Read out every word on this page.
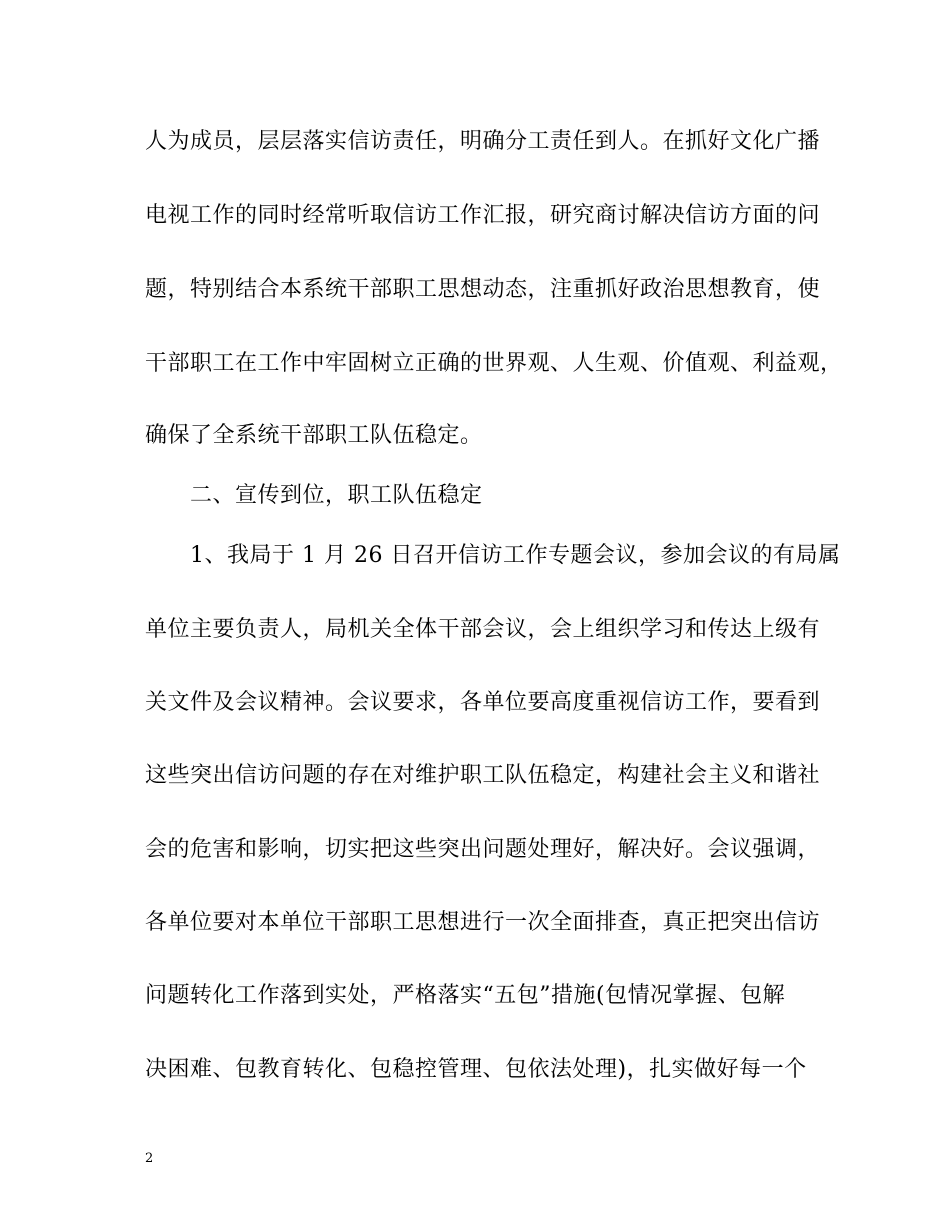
人为成员，层层落实信访责任，明确分工责任到人。在抓好文化广播
电视工作的同时经常听取信访工作汇报，研究商讨解决信访方面的问
题，特别结合本系统干部职工思想动态，注重抓好政治思想教育，使
干部职工在工作中牢固树立正确的世界观、人生观、价值观、利益观，
确保了全系统干部职工队伍稳定。
二、宣传到位，职工队伍稳定
1、我局于 1 月 26 日召开信访工作专题会议，参加会议的有局属
单位主要负责人，局机关全体干部会议，会上组织学习和传达上级有
关文件及会议精神。会议要求，各单位要高度重视信访工作，要看到
这些突出信访问题的存在对维护职工队伍稳定，构建社会主义和谐社
会的危害和影响，切实把这些突出问题处理好，解决好。会议强调，
各单位要对本单位干部职工思想进行一次全面排查，真正把突出信访
问题转化工作落到实处，严格落实“五包”措施(包情况掌握、包解
决困难、包教育转化、包稳控管理、包依法处理)，扎实做好每一个
2
